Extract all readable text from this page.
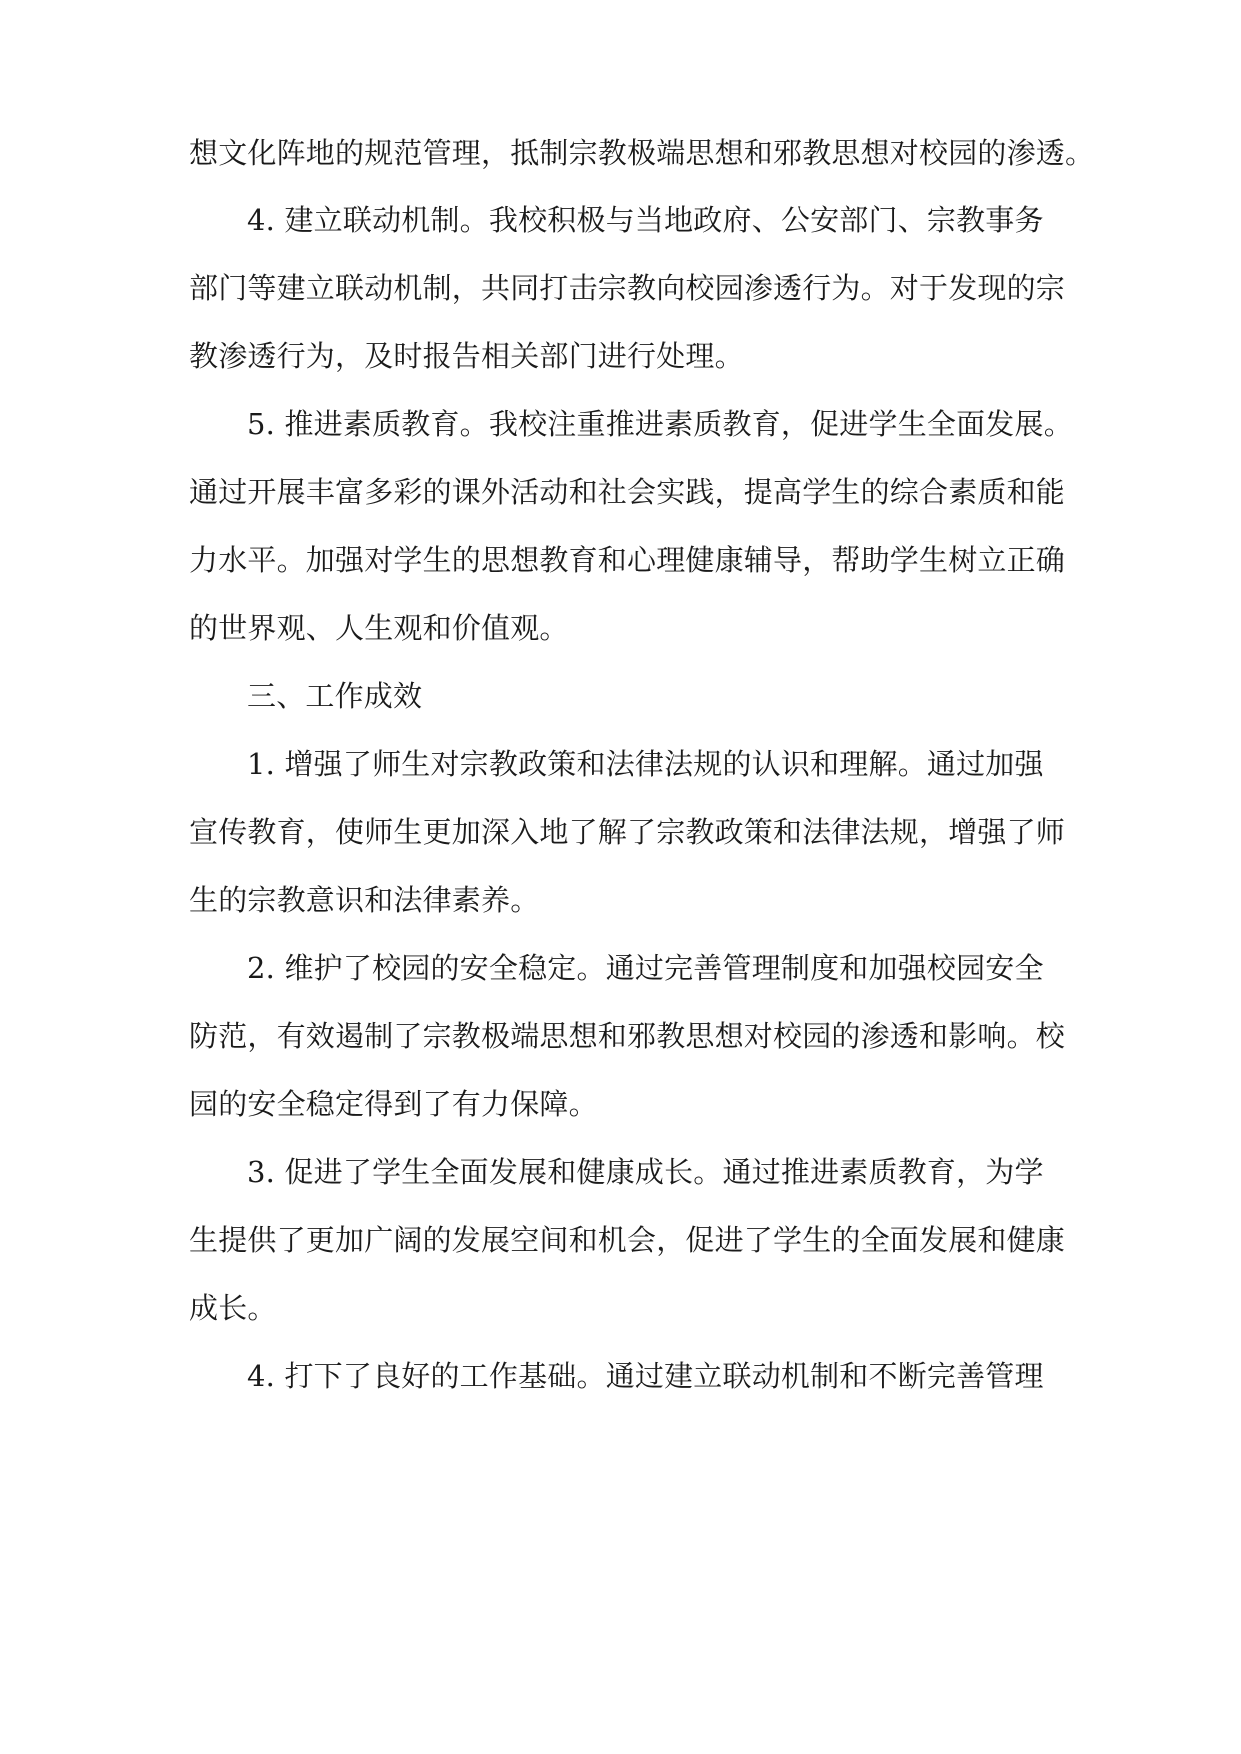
想文化阵地的规范管理，抵制宗教极端思想和邪教思想对校园的渗透。
4. 建立联动机制。我校积极与当地政府、公安部门、宗教事务
部门等建立联动机制，共同打击宗教向校园渗透行为。对于发现的宗
教渗透行为，及时报告相关部门进行处理。
5. 推进素质教育。我校注重推进素质教育，促进学生全面发展。
通过开展丰富多彩的课外活动和社会实践，提高学生的综合素质和能
力水平。加强对学生的思想教育和心理健康辅导，帮助学生树立正确
的世界观、人生观和价值观。
三、工作成效
1. 增强了师生对宗教政策和法律法规的认识和理解。通过加强
宣传教育，使师生更加深入地了解了宗教政策和法律法规，增强了师
生的宗教意识和法律素养。
2. 维护了校园的安全稳定。通过完善管理制度和加强校园安全
防范，有效遏制了宗教极端思想和邪教思想对校园的渗透和影响。校
园的安全稳定得到了有力保障。
3. 促进了学生全面发展和健康成长。通过推进素质教育，为学
生提供了更加广阔的发展空间和机会，促进了学生的全面发展和健康
成长。
4. 打下了良好的工作基础。通过建立联动机制和不断完善管理
